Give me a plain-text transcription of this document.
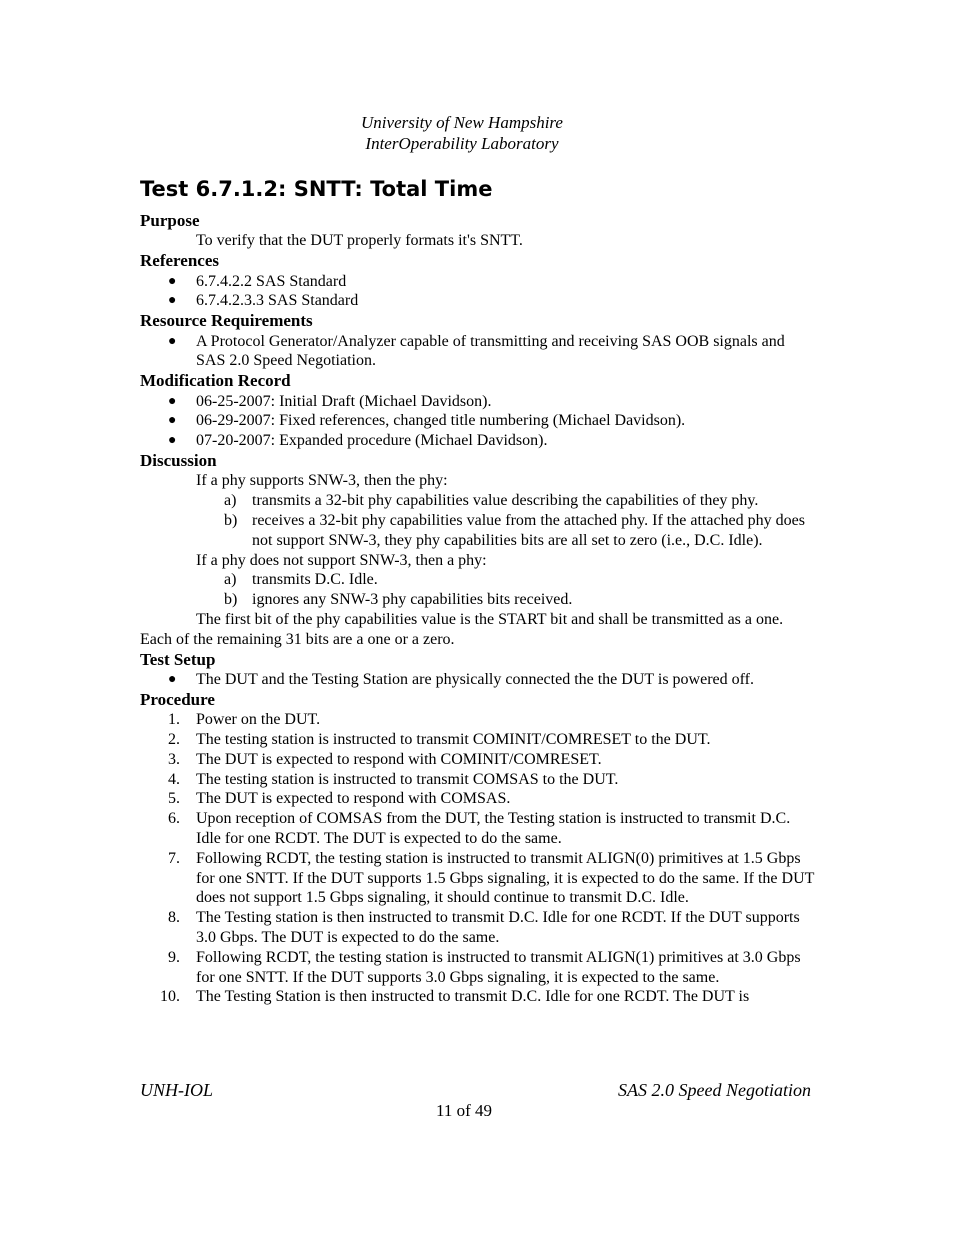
University of New Hampshire
InterOperability Laboratory
Test 6.7.1.2: SNTT: Total Time
Purpose

To verify that the DUT properly formats it's SNTT.

References
● 6.7.4.2.2 SAS Standard
● 6.7.4.2.3.3 SAS Standard
Resource Requirements
● A Protocol Generator/Analyzer capable of transmitting and receiving SAS OOB signals and SAS 2.0 Speed Negotiation.
Modification Record
● 06-25-2007: Initial Draft (Michael Davidson).
● 06-29-2007: Fixed references, changed title numbering (Michael Davidson).
● 07-20-2007: Expanded procedure (Michael Davidson).
Discussion

If a phy supports SNW-3, then the phy:

a) transmits a 32-bit phy capabilities value describing the capabilities of they phy.
b) receives a 32-bit phy capabilities value from the attached phy. If the attached phy does not support SNW-3, they phy capabilities bits are all set to zero (i.e., D.C. Idle).

If a phy does not support SNW-3, then a phy:

a) transmits D.C. Idle.
b) ignores any SNW-3 phy capabilities bits received.

The first bit of the phy capabilities value is the START bit and shall be transmitted as a one. Each of the remaining 31 bits are a one or a zero.

Test Setup
● The DUT and the Testing Station are physically connected the the DUT is powered off.
Procedure
1. Power on the DUT.
2. The testing station is instructed to transmit COMINIT/COMRESET to the DUT.
3. The DUT is expected to respond with COMINIT/COMRESET.
4. The testing station is instructed to transmit COMSAS to the DUT.
5. The DUT is expected to respond with COMSAS.
6. Upon reception of COMSAS from the DUT, the Testing station is instructed to transmit D.C. Idle for one RCDT. The DUT is expected to do the same.
7. Following RCDT, the testing station is instructed to transmit ALIGN(0) primitives at 1.5 Gbps for one SNTT. If the DUT supports 1.5 Gbps signaling, it is expected to do the same. If the DUT does not support 1.5 Gbps signaling, it should continue to transmit D.C. Idle.
8. The Testing station is then instructed to transmit D.C. Idle for one RCDT. If the DUT supports 3.0 Gbps. The DUT is expected to do the same.
9. Following RCDT, the testing station is instructed to transmit ALIGN(1) primitives at 3.0 Gbps for one SNTT. If the DUT supports 3.0 Gbps signaling, it is expected to the same.
10. The Testing Station is then instructed to transmit D.C. Idle for one RCDT. The DUT is
UNH-IOL	SAS 2.0 Speed Negotiation
11 of 49
